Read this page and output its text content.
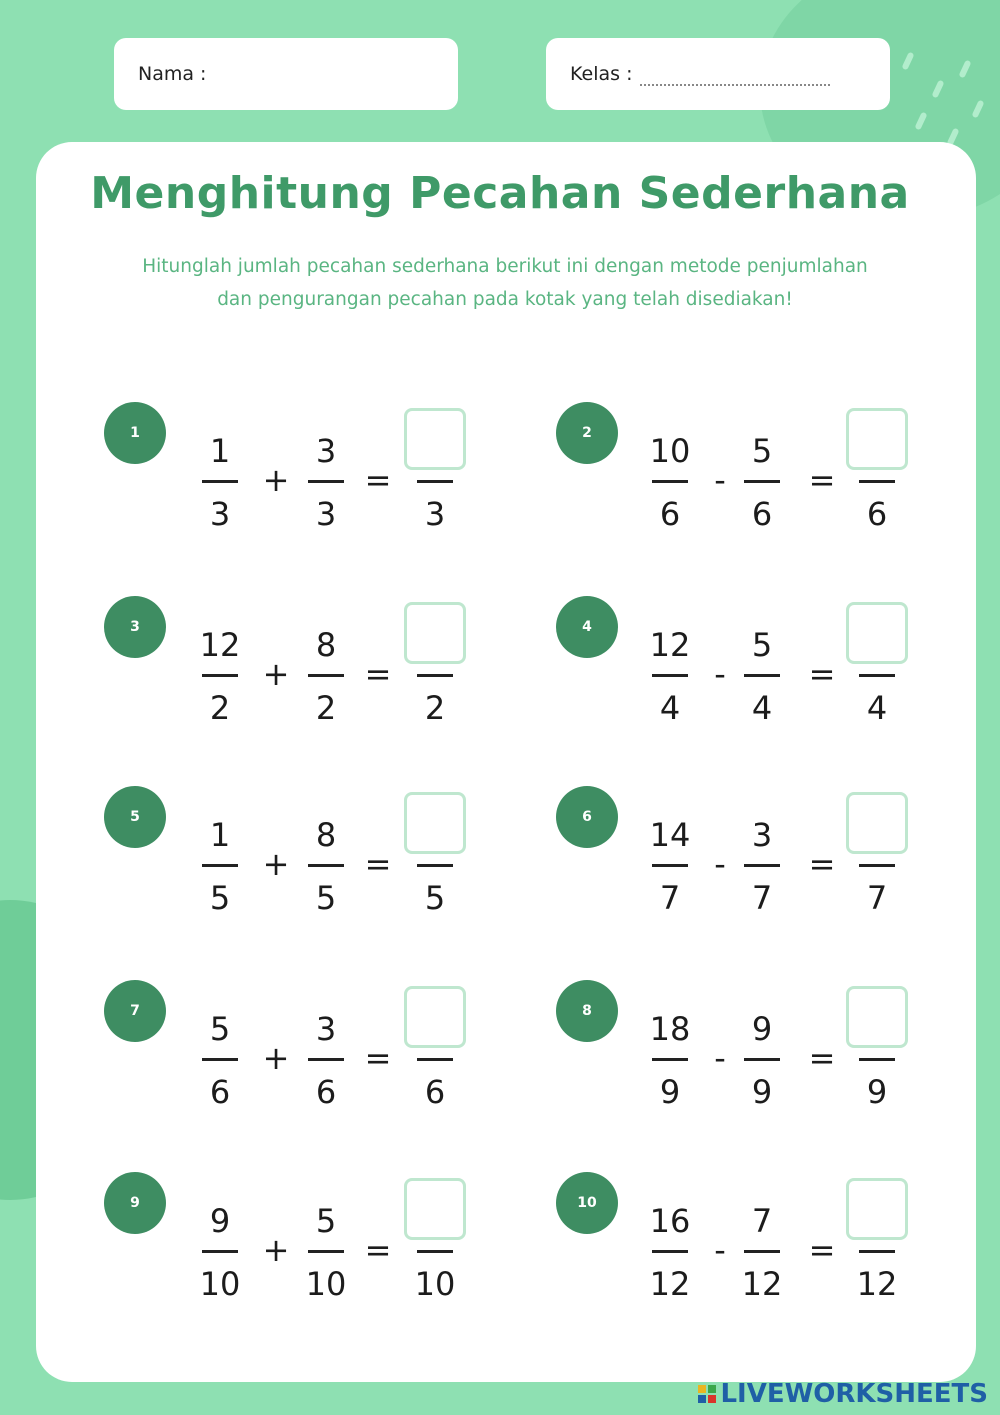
Nama :	Kelas :
Menghitung Pecahan Sederhana
Hitunglah jumlah pecahan sederhana berikut ini dengan metode penjumlahan dan pengurangan pecahan pada kotak yang telah disediakan!
1	1
3
+
3
3
=
3
2	10
6
-
5
6
=
6
3	12
2
+
8
2
=
2
4	12
4
-
5
4
=
4
5	1
5
+
8
5
=
5
6	14
7
-
3
7
=
7
7	5
6
+
3
6
=
6
8	18
9
-
9
9
=
9
9	9
10
+
5
10
=
10
10	16
12
-
7
12
=
12
LIVEWORKSHEETS
